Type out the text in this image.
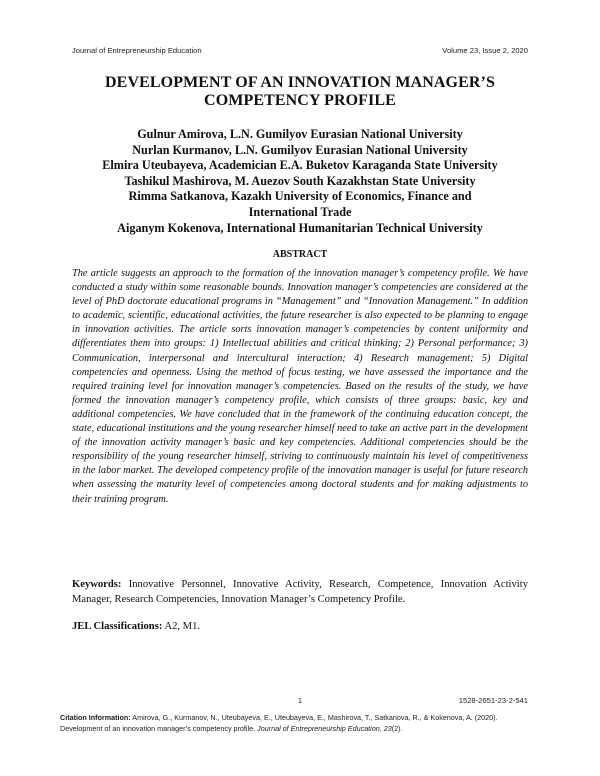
Journal of Entrepreneurship Education	Volume 23, Issue 2, 2020
DEVELOPMENT OF AN INNOVATION MANAGER’S
COMPETENCY PROFILE
Gulnur Amirova, L.N. Gumilyov Eurasian National University
Nurlan Kurmanov, L.N. Gumilyov Eurasian National University
Elmira Uteubayeva, Academician E.A. Buketov Karaganda State University
Tashikul Mashirova, M. Auezov South Kazakhstan State University
Rimma Satkanova, Kazakh University of Economics, Finance and
International Trade
Aiganym Kokenova, International Humanitarian Technical University
ABSTRACT
The article suggests an approach to the formation of the innovation manager’s competency profile. We have conducted a study within some reasonable bounds. Innovation manager’s competencies are considered at the level of PhD doctorate educational programs in “Management” and “Innovation Management.” In addition to academic, scientific, educational activities, the future researcher is also expected to be planning to engage in innovation activities. The article sorts innovation manager’s competencies by content uniformity and differentiates them into groups: 1) Intellectual abilities and critical thinking; 2) Personal performance; 3) Communication, interpersonal and intercultural interaction; 4) Research management; 5) Digital competencies and openness. Using the method of focus testing, we have assessed the importance and the required training level for innovation manager’s competencies. Based on the results of the study, we have formed the innovation manager’s competency profile, which consists of three groups: basic, key and additional competencies. We have concluded that in the framework of the continuing education concept, the state, educational institutions and the young researcher himself need to take an active part in the development of the innovation activity manager’s basic and key competencies. Additional competencies should be the responsibility of the young researcher himself, striving to continuously maintain his level of competitiveness in the labor market. The developed competency profile of the innovation manager is useful for future research when assessing the maturity level of competencies among doctoral students and for making adjustments to their training program.
Keywords: Innovative Personnel, Innovative Activity, Research, Competence, Innovation Activity Manager, Research Competencies, Innovation Manager’s Competency Profile.
JEL Classifications: A2, M1.
1	1528-2651-23-2-541
Citation Information: Amirova, G., Kurmanov, N., Uteubayeva, E., Uteubayeva, E., Mashirova, T., Satkanova, R., & Kokenova, A. (2020). Development of an innovation manager’s competency profile. Journal of Entrepreneurship Education, 23(2).
